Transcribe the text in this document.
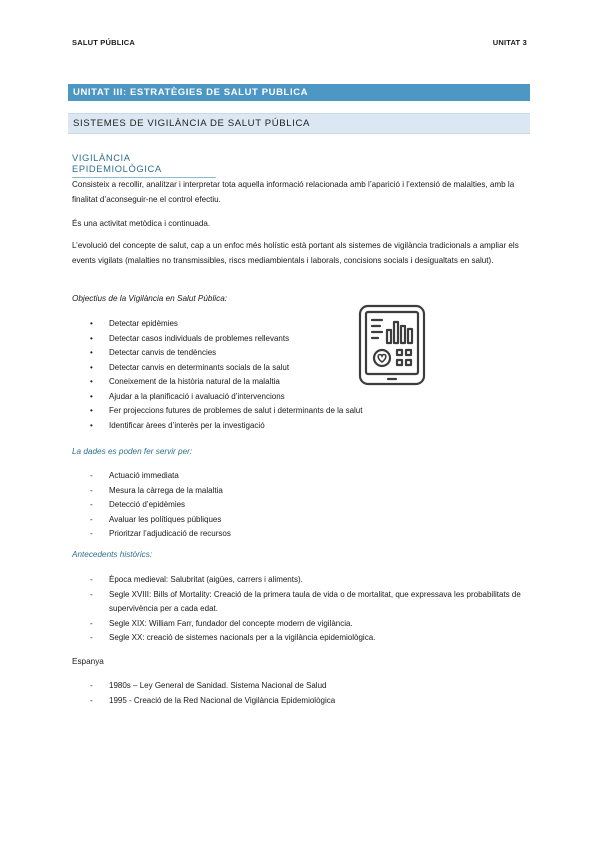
SALUT PÚBLICA	UNITAT 3
UNITAT III: ESTRATÈGIES DE SALUT PUBLICA
SISTEMES DE VIGILÀNCIA DE SALUT PÚBLICA
VIGILÀNCIA EPIDEMIOLÒGICA

Consisteix a recollir, analitzar i interpretar tota aquella informació relacionada amb l’aparició i l’extensió de malalties, amb la finalitat d’aconseguir-ne el control efectiu.

És una activitat metòdica i continuada.

L’evolució del concepte de salut, cap a un enfoc més holístic està portant als sistemes de vigilància tradicionals a ampliar els events vigilats (malalties no transmissibles, riscs mediambientals i laborals, concisions socials i desigualtats en salut).

Objectius de la Vigilància en Salut Pública:

• Detectar epidèmies
• Detectar casos individuals de problemes rellevants
• Detectar canvis de tendències
• Detectar canvis en determinants socials de la salut
• Coneixement de la història natural de la malaltia
• Ajudar a la planificació i avaluació d’intervencions
• Fer projeccions futures de problemes de salut i determinants de la salut
• Identificar àrees d’interès per la investigació

La dades es poden fer servir per:

- Actuació immediata
- Mesura la càrrega de la malaltia
- Detecció d’epidèmies
- Avaluar les polítiques públiques
- Prioritzar l’adjudicació de recursos

Antecedents històrics:

- Època medieval: Salubritat (aigües, carrers i aliments).
- Segle XVIII: Bills of Mortality: Creació de la primera taula de vida o de mortalitat, que expressava les probabilitats de supervivència per a cada edat.
- Segle XIX: William Farr, fundador del concepte modern de vigilància.
- Segle XX: creació de sistemes nacionals per a la vigilància epidemiològica.

Espanya

- 1980s – Ley General de Sanidad. Sistema Nacional de Salud
- 1995 - Creació de la Red Nacional de Vigilància Epidemiològica
